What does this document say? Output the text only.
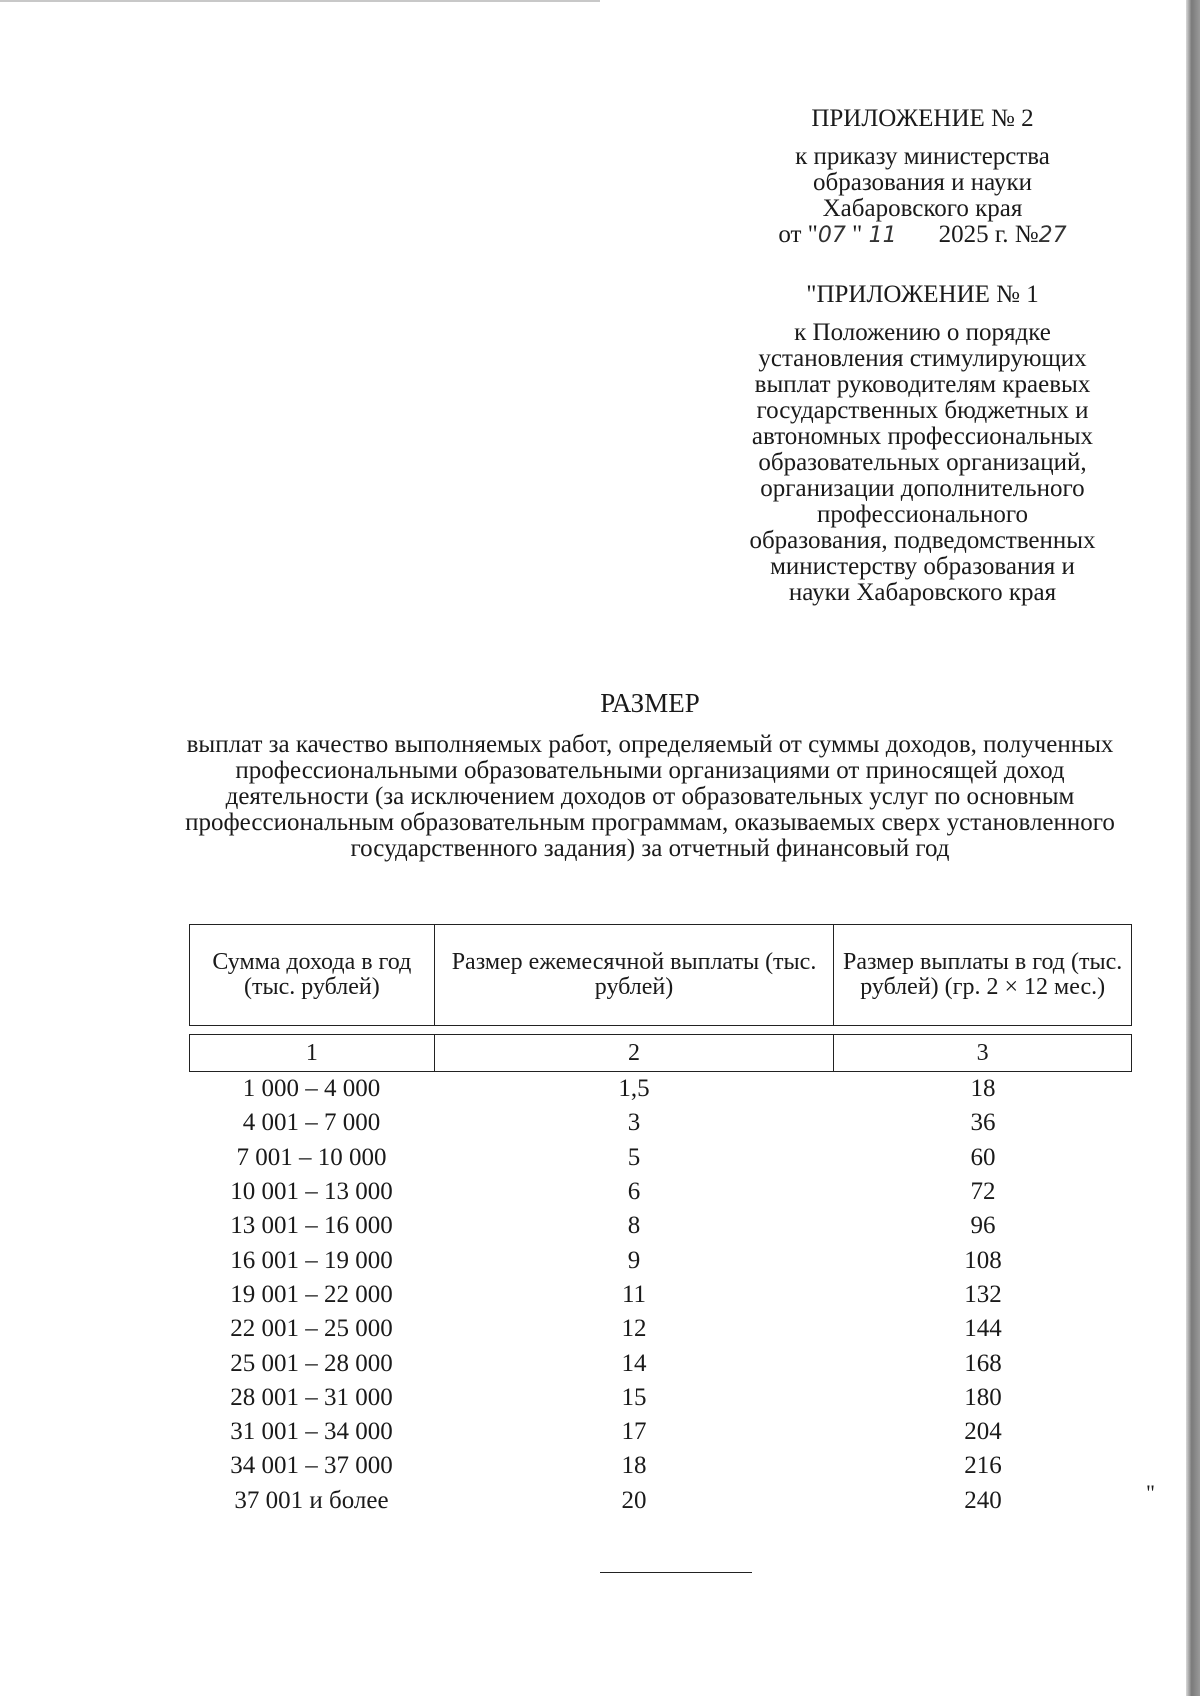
ПРИЛОЖЕНИЕ № 2
к приказу министерства
образования и науки
Хабаровского края
от "07 " 11 2025 г. №27
"ПРИЛОЖЕНИЕ № 1
к Положению о порядке
установления стимулирующих
выплат руководителям краевых
государственных бюджетных и
автономных профессиональных
образовательных организаций,
организации дополнительного
профессионального
образования, подведомственных
министерству образования и
науки Хабаровского края
РАЗМЕР
выплат за качество выполняемых работ, определяемый от суммы доходов, полученных профессиональными образовательными организациями от приносящей доход деятельности (за исключением доходов от образовательных услуг по основным профессиональным образовательным программам, оказываемых сверх установленного государственного задания) за отчетный финансовый год
Сумма дохода в год (тыс. рублей)	Размер ежемесячной выплаты (тыс. рублей)	Размер выплаты в год (тыс. рублей) (гр. 2 × 12 мес.)

1	2	3
1 000 – 4 000	1,5	18
4 001 – 7 000	3	36
7 001 – 10 000	5	60
10 001 – 13 000	6	72
13 001 – 16 000	8	96
16 001 – 19 000	9	108
19 001 – 22 000	11	132
22 001 – 25 000	12	144
25 001 – 28 000	14	168
28 001 – 31 000	15	180
31 001 – 34 000	17	204
34 001 – 37 000	18	216
37 001 и более	20	240	"
